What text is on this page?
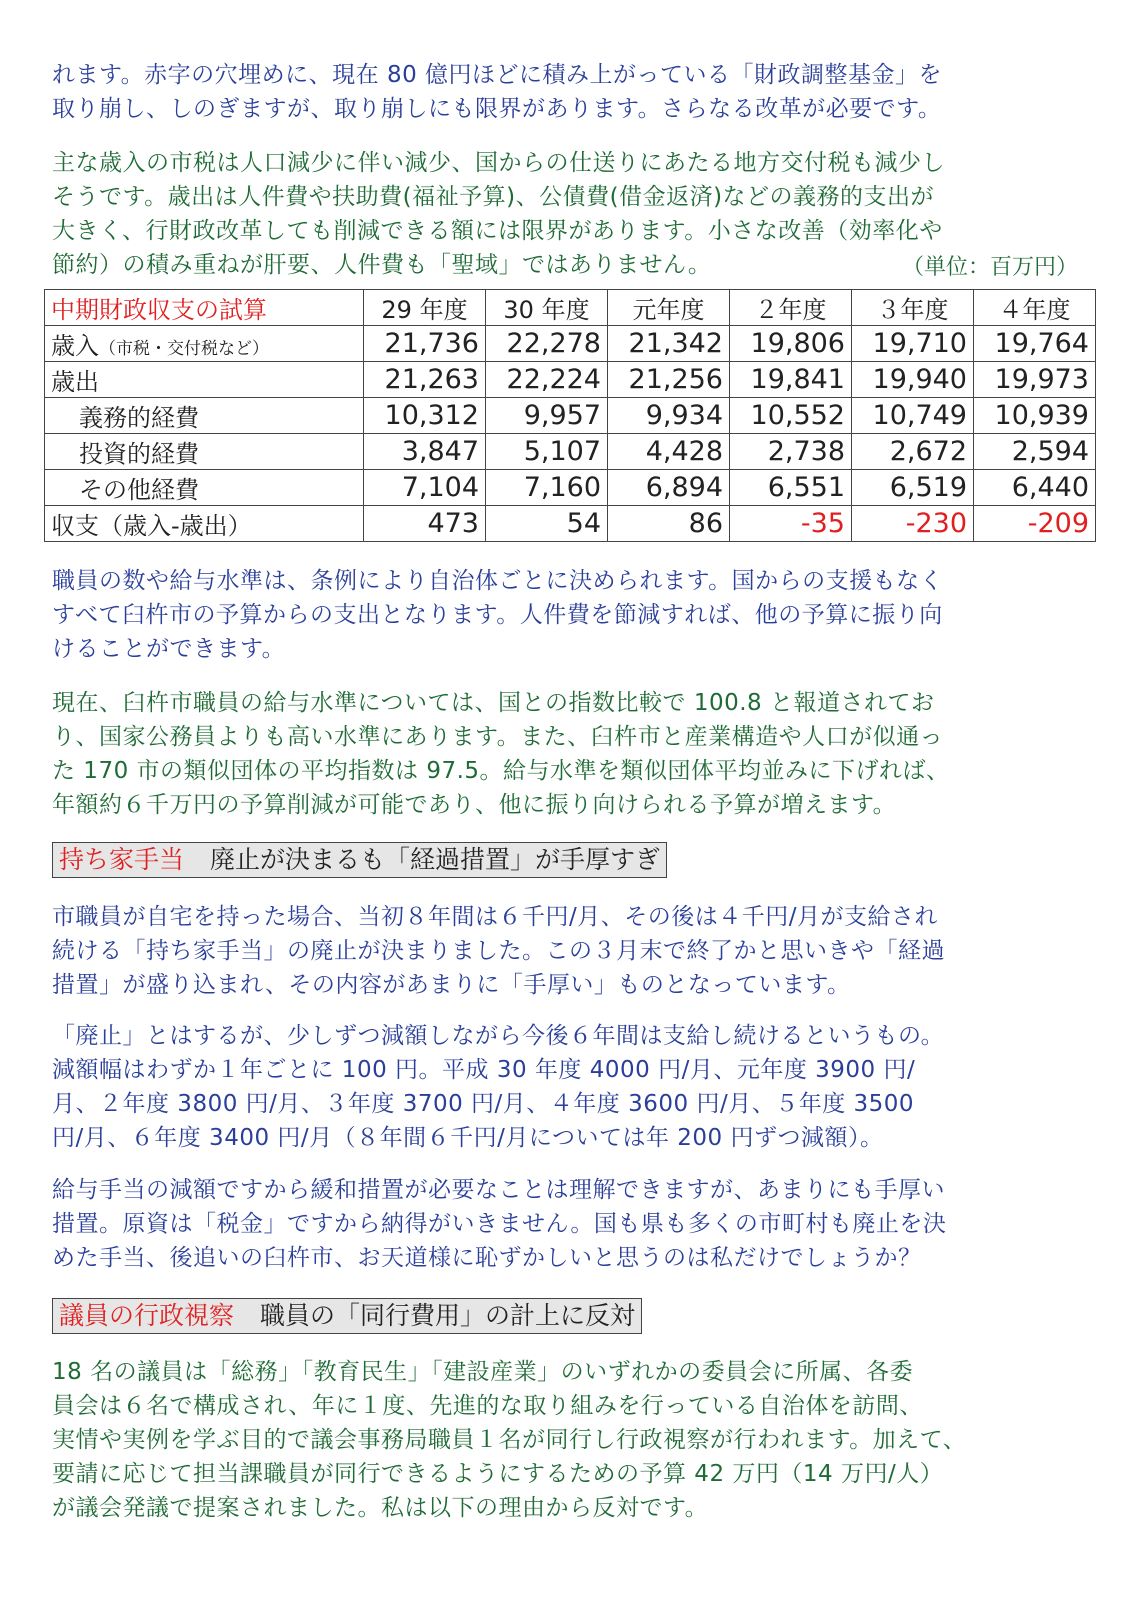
れます。赤字の穴埋めに、現在 80 億円ほどに積み上がっている「財政調整基金」を
取り崩し、しのぎますが、取り崩しにも限界があります。さらなる改革が必要です。

主な歳入の市税は人口減少に伴い減少、国からの仕送りにあたる地方交付税も減少し
そうです。歳出は人件費や扶助費(福祉予算)、公債費(借金返済)などの義務的支出が
大きく、行財政改革しても削減できる額には限界があります。小さな改善（効率化や
節約）の積み重ねが肝要、人件費も「聖域」ではありません。	（単位：百万円）
中期財政収支の試算	29 年度	30 年度	元年度	２年度	３年度	４年度
歳入（市税・交付税など）	21,736	22,278	21,342	19,806	19,710	19,764
歳出	21,263	22,224	21,256	19,841	19,940	19,973
義務的経費	10,312	9,957	9,934	10,552	10,749	10,939
投資的経費	3,847	5,107	4,428	2,738	2,672	2,594
その他経費	7,104	7,160	6,894	6,551	6,519	6,440
収支（歳入-歳出）	473	54	86	-35	-230	-209

職員の数や給与水準は、条例により自治体ごとに決められます。国からの支援もなく
すべて臼杵市の予算からの支出となります。人件費を節減すれば、他の予算に振り向
けることができます。

現在、臼杵市職員の給与水準については、国との指数比較で 100.8 と報道されてお
り、国家公務員よりも高い水準にあります。また、臼杵市と産業構造や人口が似通っ
た 170 市の類似団体の平均指数は 97.5。給与水準を類似団体平均並みに下げれば、
年額約６千万円の予算削減が可能であり、他に振り向けられる予算が増えます。

持ち家手当 廃止が決まるも「経過措置」が手厚すぎ

市職員が自宅を持った場合、当初８年間は６千円/月、その後は４千円/月が支給され
続ける「持ち家手当」の廃止が決まりました。この３月末で終了かと思いきや「経過
措置」が盛り込まれ、その内容があまりに「手厚い」ものとなっています。

「廃止」とはするが、少しずつ減額しながら今後６年間は支給し続けるというもの。
減額幅はわずか１年ごとに 100 円。平成 30 年度 4000 円/月、元年度 3900 円/
月、２年度 3800 円/月、３年度 3700 円/月、４年度 3600 円/月、５年度 3500
円/月、６年度 3400 円/月（８年間６千円/月については年 200 円ずつ減額）。

給与手当の減額ですから緩和措置が必要なことは理解できますが、あまりにも手厚い
措置。原資は「税金」ですから納得がいきません。国も県も多くの市町村も廃止を決
めた手当、後追いの臼杵市、お天道様に恥ずかしいと思うのは私だけでしょうか？

議員の行政視察 職員の「同行費用」の計上に反対

18 名の議員は「総務」「教育民生」「建設産業」のいずれかの委員会に所属、各委
員会は６名で構成され、年に１度、先進的な取り組みを行っている自治体を訪問、
実情や実例を学ぶ目的で議会事務局職員１名が同行し行政視察が行われます。加えて、
要請に応じて担当課職員が同行できるようにするための予算 42 万円（14 万円/人）
が議会発議で提案されました。私は以下の理由から反対です。
